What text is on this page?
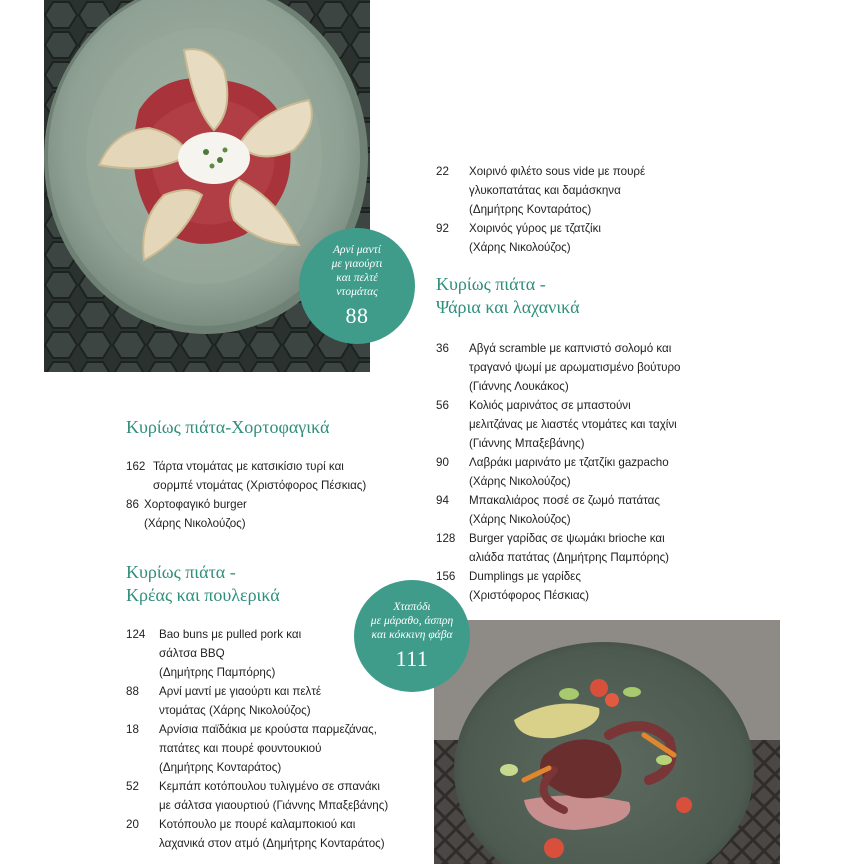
Αρνί μαντί
με γιαούρτι
και πελτέ
ντομάτας
88
22	Χοιρινό φιλέτο sous vide με πουρέ
γλυκοπατάτας και δαμάσκηνα
(Δημήτρης Κονταράτος)
92	Χοιρινός γύρος με τζατζίκι
(Χάρης Νικολούζος)
Κυρίως πιάτα -
Ψάρια και λαχανικά
36	Αβγά scramble με καπνιστό σολομό και
τραγανό ψωμί με αρωματισμένο βούτυρο
(Γιάννης Λουκάκος)
56	Κολιός μαρινάτος σε μπαστούνι
μελιτζάνας με λιαστές ντομάτες και ταχίνι
(Γιάννης Μπαξεβάνης)
90	Λαβράκι μαρινάτο με τζατζίκι gazpacho
(Χάρης Νικολούζος)
94	Μπακαλιάρος ποσέ σε ζωμό πατάτας
(Χάρης Νικολούζος)
128	Burger γαρίδας σε ψωμάκι brioche και
αλιάδα πατάτας (Δημήτρης Παμπόρης)
156	Dumplings με γαρίδες
(Χριστόφορος Πέσκιας)
Κυρίως πιάτα-Χορτοφαγικά
162 Τάρτα ντομάτας με κατσικίσιο τυρί και
σορμπέ ντομάτας (Χριστόφορος Πέσκιας)
86 Χορτοφαγικό burger
(Χάρης Νικολούζος)
Κυρίως πιάτα -
Κρέας και πουλερικά
124	Bao buns με pulled pork και
σάλτσα BBQ
(Δημήτρης Παμπόρης)
88	Αρνί μαντί με γιαούρτι και πελτέ
ντομάτας (Χάρης Νικολούζος)
18	Αρνίσια παϊδάκια με κρούστα παρμεζάνας,
πατάτες και πουρέ φουντουκιού
(Δημήτρης Κονταράτος)
52	Κεμπάπ κοτόπουλου τυλιγμένο σε σπανάκι
με σάλτσα γιαουρτιού (Γιάννης Μπαξεβάνης)
20	Κοτόπουλο με πουρέ καλαμποκιού και
λαχανικά στον ατμό (Δημήτρης Κονταράτος)
Χταπόδι
με μάραθο, άσπρη
και κόκκινη φάβα
111
